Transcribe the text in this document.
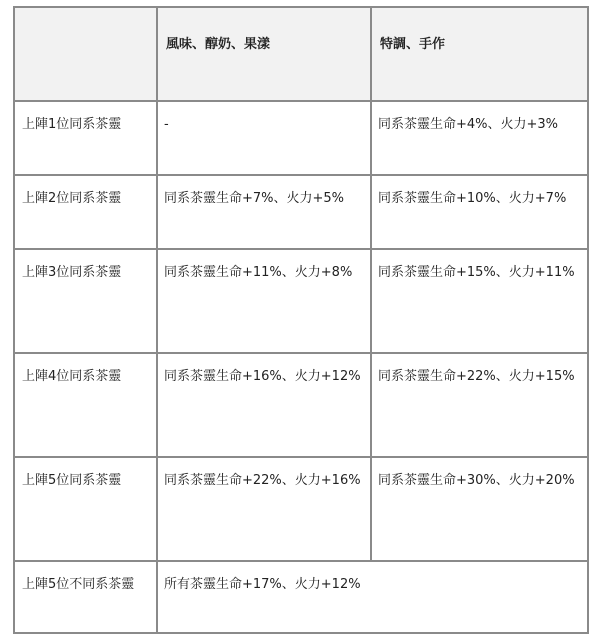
	風味、醇奶、果漾	特調、手作
上陣1位同系茶靈	-	同系茶靈生命+4%、火力+3%
上陣2位同系茶靈	同系茶靈生命+7%、火力+5%	同系茶靈生命+10%、火力+7%
上陣3位同系茶靈	同系茶靈生命+11%、火力+8%	同系茶靈生命+15%、火力+11%
上陣4位同系茶靈	同系茶靈生命+16%、火力+12%	同系茶靈生命+22%、火力+15%
上陣5位同系茶靈	同系茶靈生命+22%、火力+16%	同系茶靈生命+30%、火力+20%
上陣5位不同系茶靈	所有茶靈生命+17%、火力+12%	
